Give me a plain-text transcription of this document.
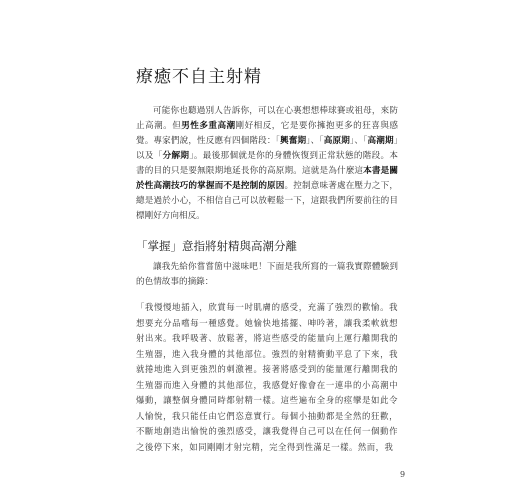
療癒不自主射精

可能你也聽過別人告訴你，可以在心裏想想棒球賽或祖母，來防止高潮。但男性多重高潮剛好相反，它是要你擁抱更多的狂喜與感覺。專家們說，性反應有四個階段：「興奮期」、「高原期」、「高潮期」以及「分解期」。最後那個就是你的身體恢復到正常狀態的階段。本書的目的只是要無限期地延長你的高原期。這就是為什麼這本書是關於性高潮技巧的掌握而不是控制的原因。控制意味著處在壓力之下，總是過於小心，不相信自己可以放輕鬆一下，這跟我們所要前往的目標剛好方向相反。

「掌握」意指將射精與高潮分離

讓我先給你嘗嘗箇中滋味吧！下面是我所寫的一篇我實際體驗到的色情故事的摘錄：

「我慢慢地插入，欣賞每一吋肌膚的感受，充滿了強烈的歡愉。我想要充分品嚐每一種感覺。她愉快地搖擺、呻吟著，讓我柔軟就想射出來。我呼吸著、放鬆著，將這些感受的能量向上運行離開我的生殖器，進入我身體的其他部位。強烈的射精衝動平息了下來，我就捲地進入到更強烈的刺激裡。接著將感受到的能量運行離開我的生殖器而進入身體的其他部位，我感覺好像會在一連串的小高潮中爆動，讓整個身體同時都射精一樣。這些遍布全身的痙攣是如此令人愉悅，我只能任由它們恣意實行。每個小抽動都是全然的狂歡，不斷地創造出愉悅的強烈感受，讓我覺得自己可以在任何一個動作之後停下來，如同剛剛才射完精，完全得到性滿足一樣。然而，我

9
